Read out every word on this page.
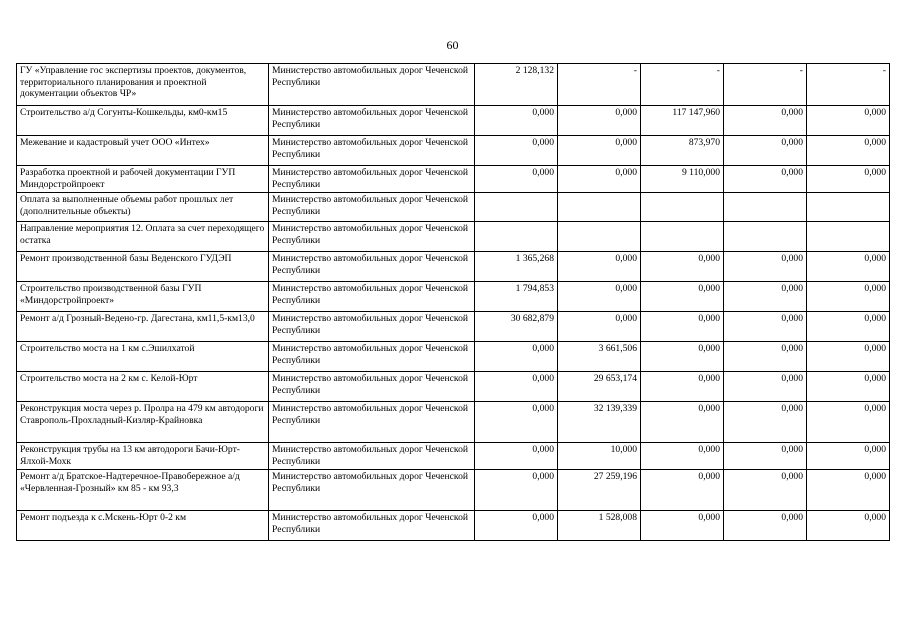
60
ГУ «Управление гос экспертизы проектов, документов, территориального планирования и проектной документации объектов ЧР»	Министерство автомобильных дорог Чеченской Республики	2 128,132	-	-	-	-
Строительство а/д Согунты-Кошкельды, км0-км15	Министерство автомобильных дорог Чеченской Республики	0,000	0,000	117 147,960	0,000	0,000
Межевание и кадастровый учет ООО «Интех»	Министерство автомобильных дорог Чеченской Республики	0,000	0,000	873,970	0,000	0,000
Разработка проектной и рабочей документации ГУП Миндорстройпроект	Министерство автомобильных дорог Чеченской Республики	0,000	0,000	9 110,000	0,000	0,000
Оплата за выполненные объемы работ прошлых лет (дополнительные объекты)	Министерство автомобильных дорог Чеченской Республики					
Направление мероприятия 12. Оплата за счет переходящего остатка	Министерство автомобильных дорог Чеченской Республики					
Ремонт производственной базы Веденского ГУДЭП	Министерство автомобильных дорог Чеченской Республики	1 365,268	0,000	0,000	0,000	0,000
Строительство производственной базы ГУП «Миндорстройпроект»	Министерство автомобильных дорог Чеченской Республики	1 794,853	0,000	0,000	0,000	0,000
Ремонт а/д Грозный-Ведено-гр. Дагестана, км11,5-км13,0	Министерство автомобильных дорог Чеченской Республики	30 682,879	0,000	0,000	0,000	0,000
Строительство моста на 1 км с.Эшилхатой	Министерство автомобильных дорог Чеченской Республики	0,000	3 661,506	0,000	0,000	0,000
Строительство моста на 2 км с. Келой-Юрт	Министерство автомобильных дорог Чеченской Республики	0,000	29 653,174	0,000	0,000	0,000
Реконструкция моста через р. Пролра на 479 км автодороги Ставрополь-Прохладный-Кизляр-Крайновка	Министерство автомобильных дорог Чеченской Республики	0,000	32 139,339	0,000	0,000	0,000
Реконструкция трубы на 13 км автодороги Бачи-Юрт-Ялхой-Мохк	Министерство автомобильных дорог Чеченской Республики	0,000	10,000	0,000	0,000	0,000
Ремонт а/д Братское-Надтеречное-Правобережное а/д «Червленная-Грозный» км 85 - км 93,3	Министерство автомобильных дорог Чеченской Республики	0,000	27 259,196	0,000	0,000	0,000
Ремонт подъезда к с.Мскень-Юрт 0-2 км	Министерство автомобильных дорог Чеченской Республики	0,000	1 528,008	0,000	0,000	0,000
